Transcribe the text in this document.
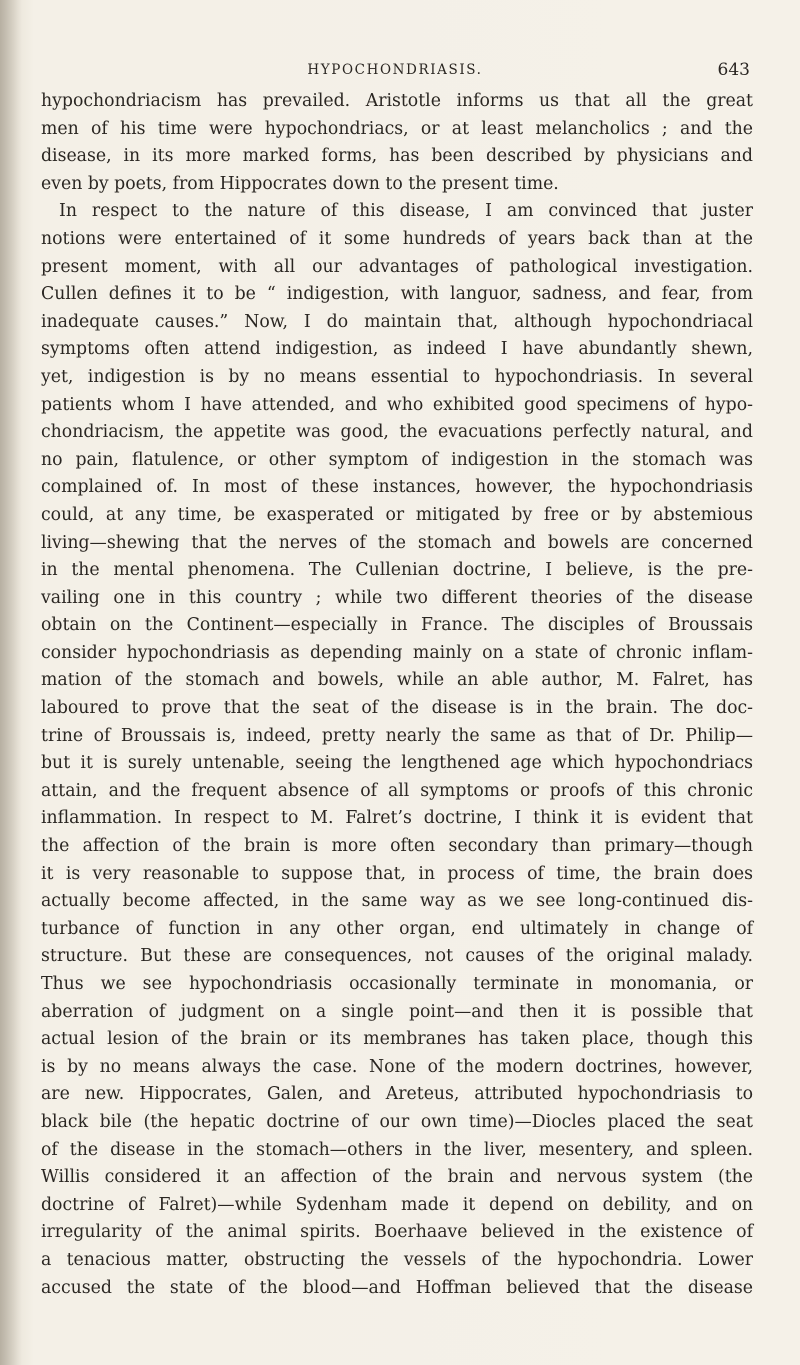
HYPOCHONDRIASIS.	643
hypochondriacism has prevailed. Aristotle informs us that all the great
men of his time were hypochondriacs, or at least melancholics ; and the
disease, in its more marked forms, has been described by physicians and
even by poets, from Hippocrates down to the present time.
In respect to the nature of this disease, I am convinced that juster
notions were entertained of it some hundreds of years back than at the
present moment, with all our advantages of pathological investigation.
Cullen defines it to be “ indigestion, with languor, sadness, and fear, from
inadequate causes.” Now, I do maintain that, although hypochondriacal
symptoms often attend indigestion, as indeed I have abundantly shewn,
yet, indigestion is by no means essential to hypochondriasis. In several
patients whom I have attended, and who exhibited good specimens of hypo-
chondriacism, the appetite was good, the evacuations perfectly natural, and
no pain, flatulence, or other symptom of indigestion in the stomach was
complained of. In most of these instances, however, the hypochondriasis
could, at any time, be exasperated or mitigated by free or by abstemious
living—shewing that the nerves of the stomach and bowels are concerned
in the mental phenomena. The Cullenian doctrine, I believe, is the pre-
vailing one in this country ; while two different theories of the disease
obtain on the Continent—especially in France. The disciples of Broussais
consider hypochondriasis as depending mainly on a state of chronic inflam-
mation of the stomach and bowels, while an able author, M. Falret, has
laboured to prove that the seat of the disease is in the brain. The doc-
trine of Broussais is, indeed, pretty nearly the same as that of Dr. Philip—
but it is surely untenable, seeing the lengthened age which hypochondriacs
attain, and the frequent absence of all symptoms or proofs of this chronic
inflammation. In respect to M. Falret’s doctrine, I think it is evident that
the affection of the brain is more often secondary than primary—though
it is very reasonable to suppose that, in process of time, the brain does
actually become affected, in the same way as we see long-continued dis-
turbance of function in any other organ, end ultimately in change of
structure. But these are consequences, not causes of the original malady.
Thus we see hypochondriasis occasionally terminate in monomania, or
aberration of judgment on a single point—and then it is possible that
actual lesion of the brain or its membranes has taken place, though this
is by no means always the case. None of the modern doctrines, however,
are new. Hippocrates, Galen, and Areteus, attributed hypochondriasis to
black bile (the hepatic doctrine of our own time)—Diocles placed the seat
of the disease in the stomach—others in the liver, mesentery, and spleen.
Willis considered it an affection of the brain and nervous system (the
doctrine of Falret)—while Sydenham made it depend on debility, and on
irregularity of the animal spirits. Boerhaave believed in the existence of
a tenacious matter, obstructing the vessels of the hypochondria. Lower
accused the state of the blood—and Hoffman believed that the disease
